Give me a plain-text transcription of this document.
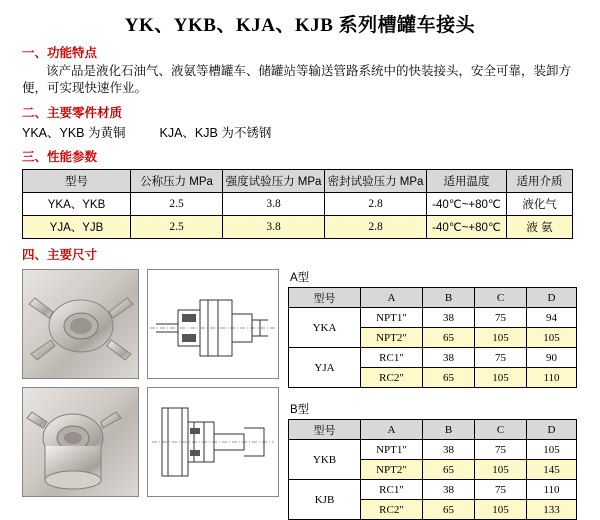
YK、YKB、KJA、KJB 系列槽罐车接头
一、功能特点
该产品是液化石油气、液氨等槽罐车、储罐站等输送管路系统中的快装接头，安全可靠，装卸方便，可实现快速作业。
二、主要零件材质
YKA、YKB 为黄铜	KJA、KJB 为不锈钢
三、性能参数
型号	公称压力 MPa	强度试验压力 MPa	密封试验压力 MPa	适用温度	适用介质
YKA、YKB	2.5	3.8	2.8	-40℃~+80℃	液化气
YJA、YJB	2.5	3.8	2.8	-40℃~+80℃	液 氨
四、主要尺寸

A型
型号	A	B	C	D
YKA	NPT1"	38	75	94
	NPT2"	65	105	105
YJA	RC1"	38	75	90
	RC2"	65	105	110
B型
型号	A	B	C	D
YKB	NPT1"	38	75	105
	NPT2"	65	105	145
KJB	RC1"	38	75	110
	RC2"	65	105	133
